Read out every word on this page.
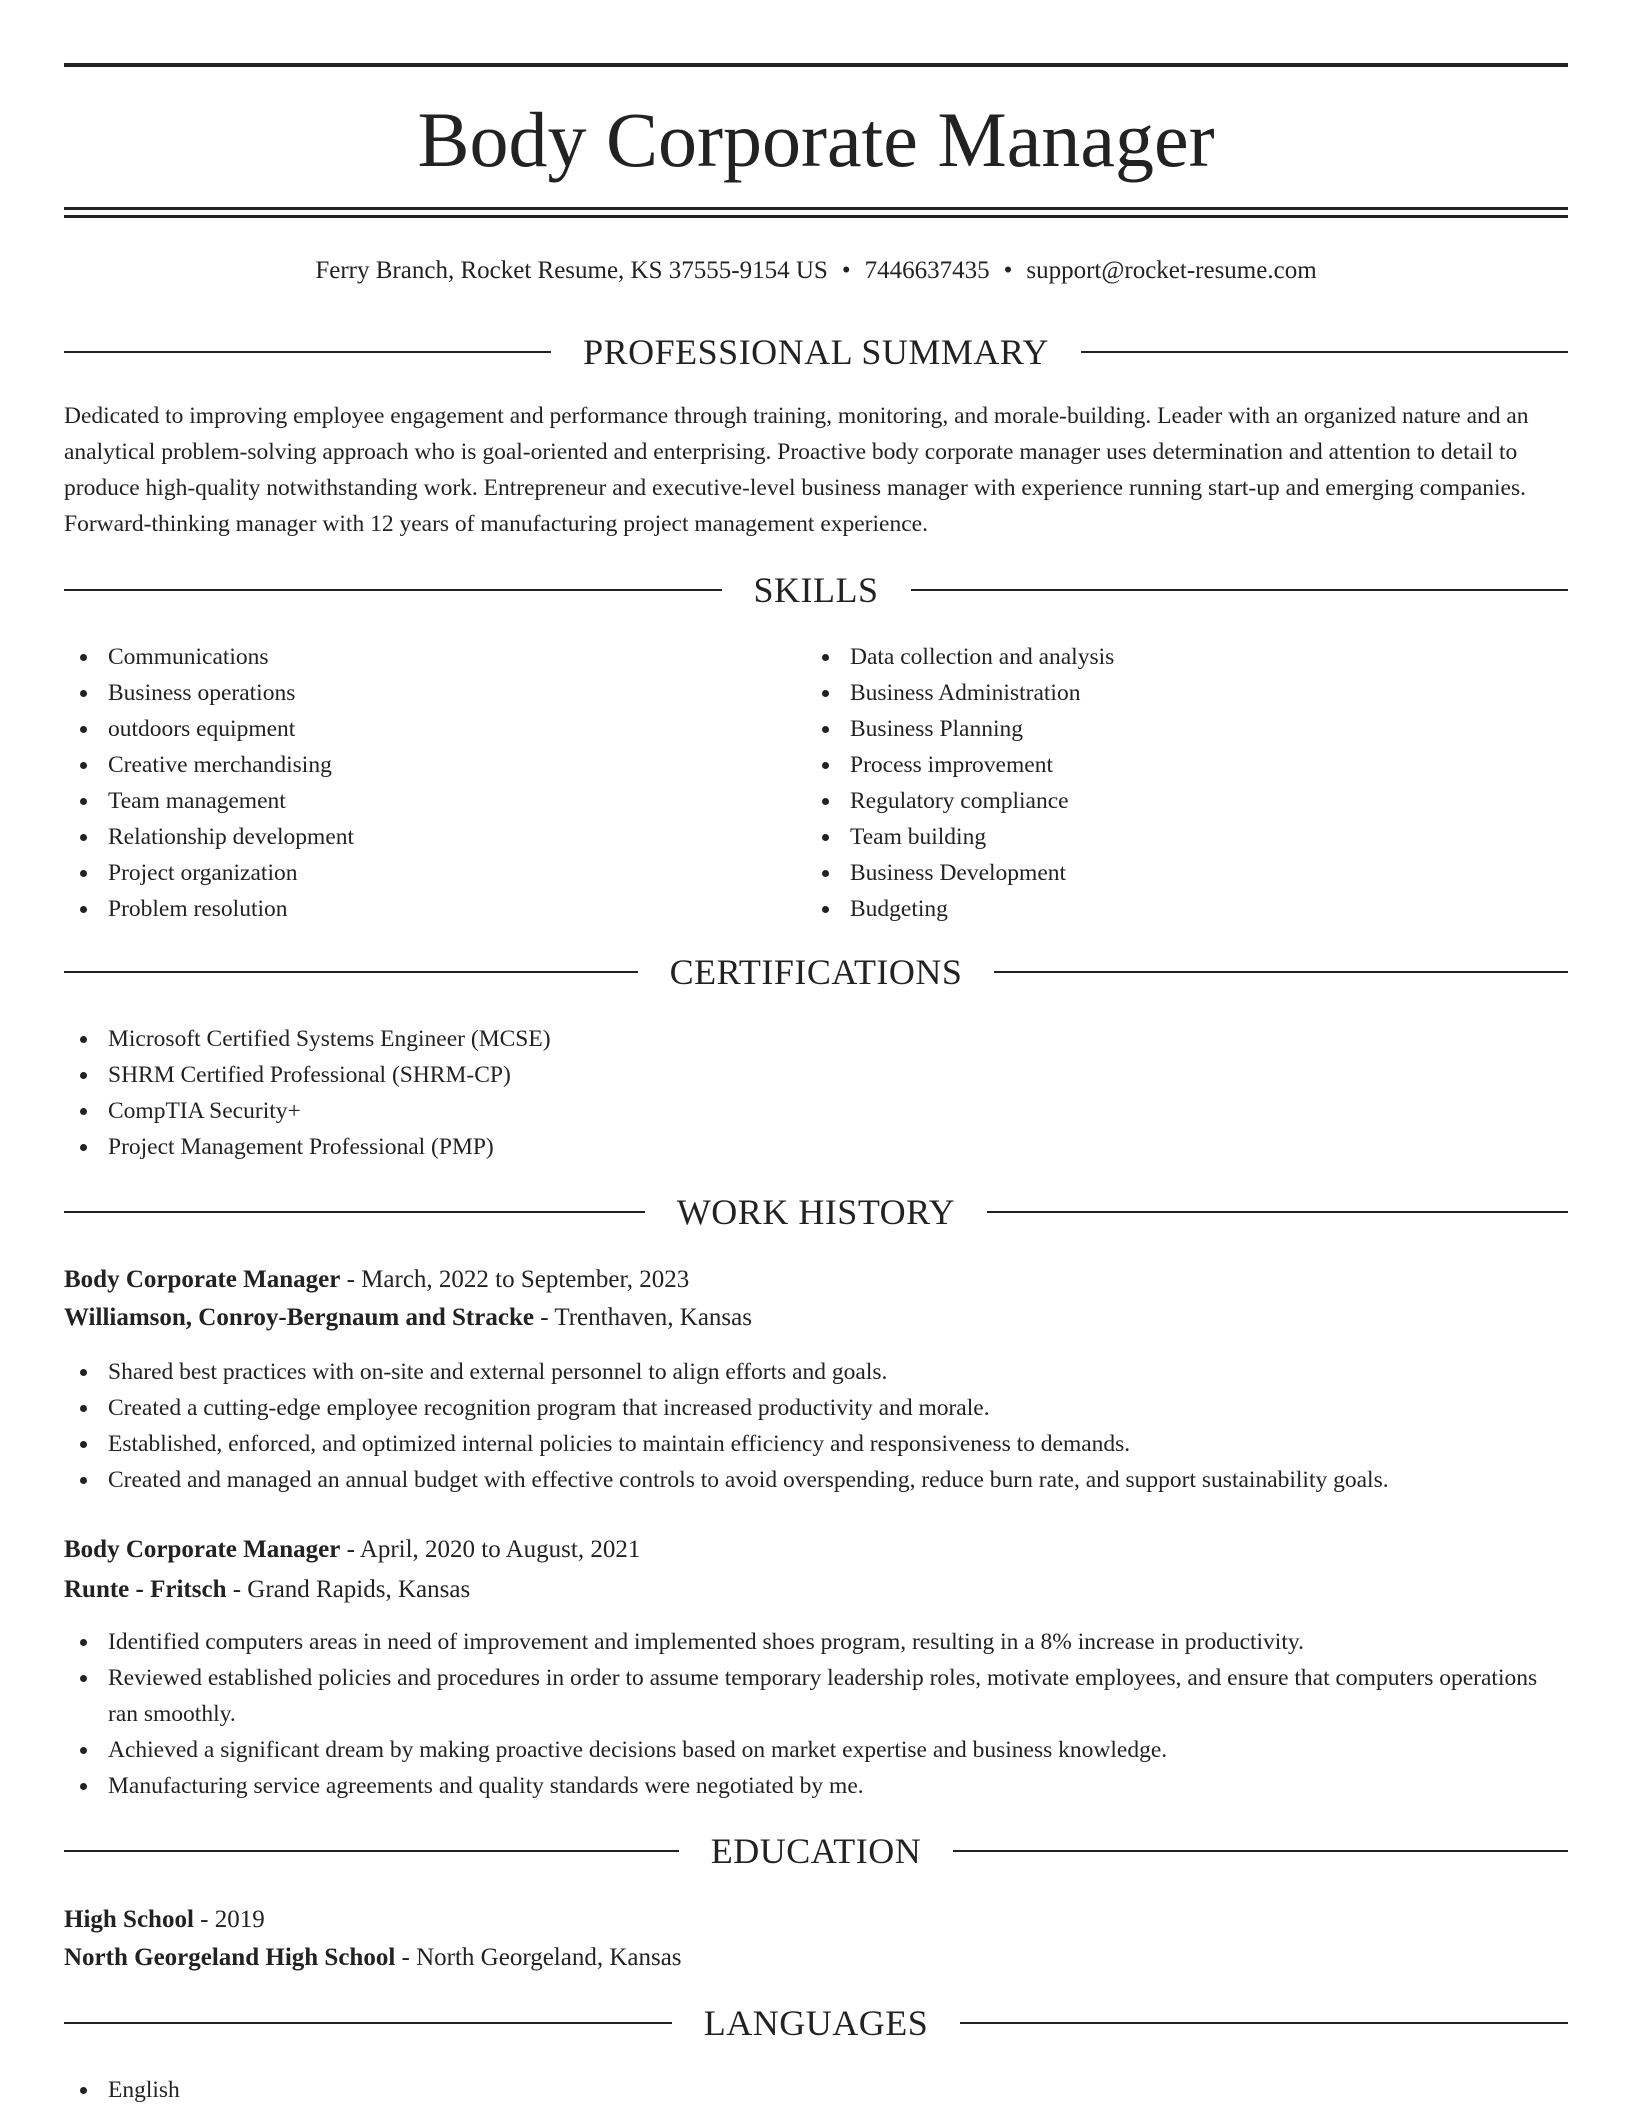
Body Corporate Manager
Ferry Branch, Rocket Resume, KS 37555-9154 US • 7446637435 • support@rocket-resume.com
PROFESSIONAL SUMMARY

Dedicated to improving employee engagement and performance through training, monitoring, and morale-building. Leader with an organized nature and an analytical problem-solving approach who is goal-oriented and enterprising. Proactive body corporate manager uses determination and attention to detail to produce high-quality notwithstanding work. Entrepreneur and executive-level business manager with experience running start-up and emerging companies. Forward-thinking manager with 12 years of manufacturing project management experience.

SKILLS
Communications
Business operations
outdoors equipment
Creative merchandising
Team management
Relationship development
Project organization
Problem resolution
Data collection and analysis
Business Administration
Business Planning
Process improvement
Regulatory compliance
Team building
Business Development
Budgeting
CERTIFICATIONS
Microsoft Certified Systems Engineer (MCSE)
SHRM Certified Professional (SHRM-CP)
CompTIA Security+
Project Management Professional (PMP)
WORK HISTORY
Body Corporate Manager - March, 2022 to September, 2023
Williamson, Conroy-Bergnaum and Stracke - Trenthaven, Kansas
Shared best practices with on-site and external personnel to align efforts and goals.
Created a cutting-edge employee recognition program that increased productivity and morale.
Established, enforced, and optimized internal policies to maintain efficiency and responsiveness to demands.
Created and managed an annual budget with effective controls to avoid overspending, reduce burn rate, and support sustainability goals.
Body Corporate Manager - April, 2020 to August, 2021
Runte - Fritsch - Grand Rapids, Kansas
Identified computers areas in need of improvement and implemented shoes program, resulting in a 8% increase in productivity.
Reviewed established policies and procedures in order to assume temporary leadership roles, motivate employees, and ensure that computers operations ran smoothly.
Achieved a significant dream by making proactive decisions based on market expertise and business knowledge.
Manufacturing service agreements and quality standards were negotiated by me.
EDUCATION
High School - 2019
North Georgeland High School - North Georgeland, Kansas
LANGUAGES
English
